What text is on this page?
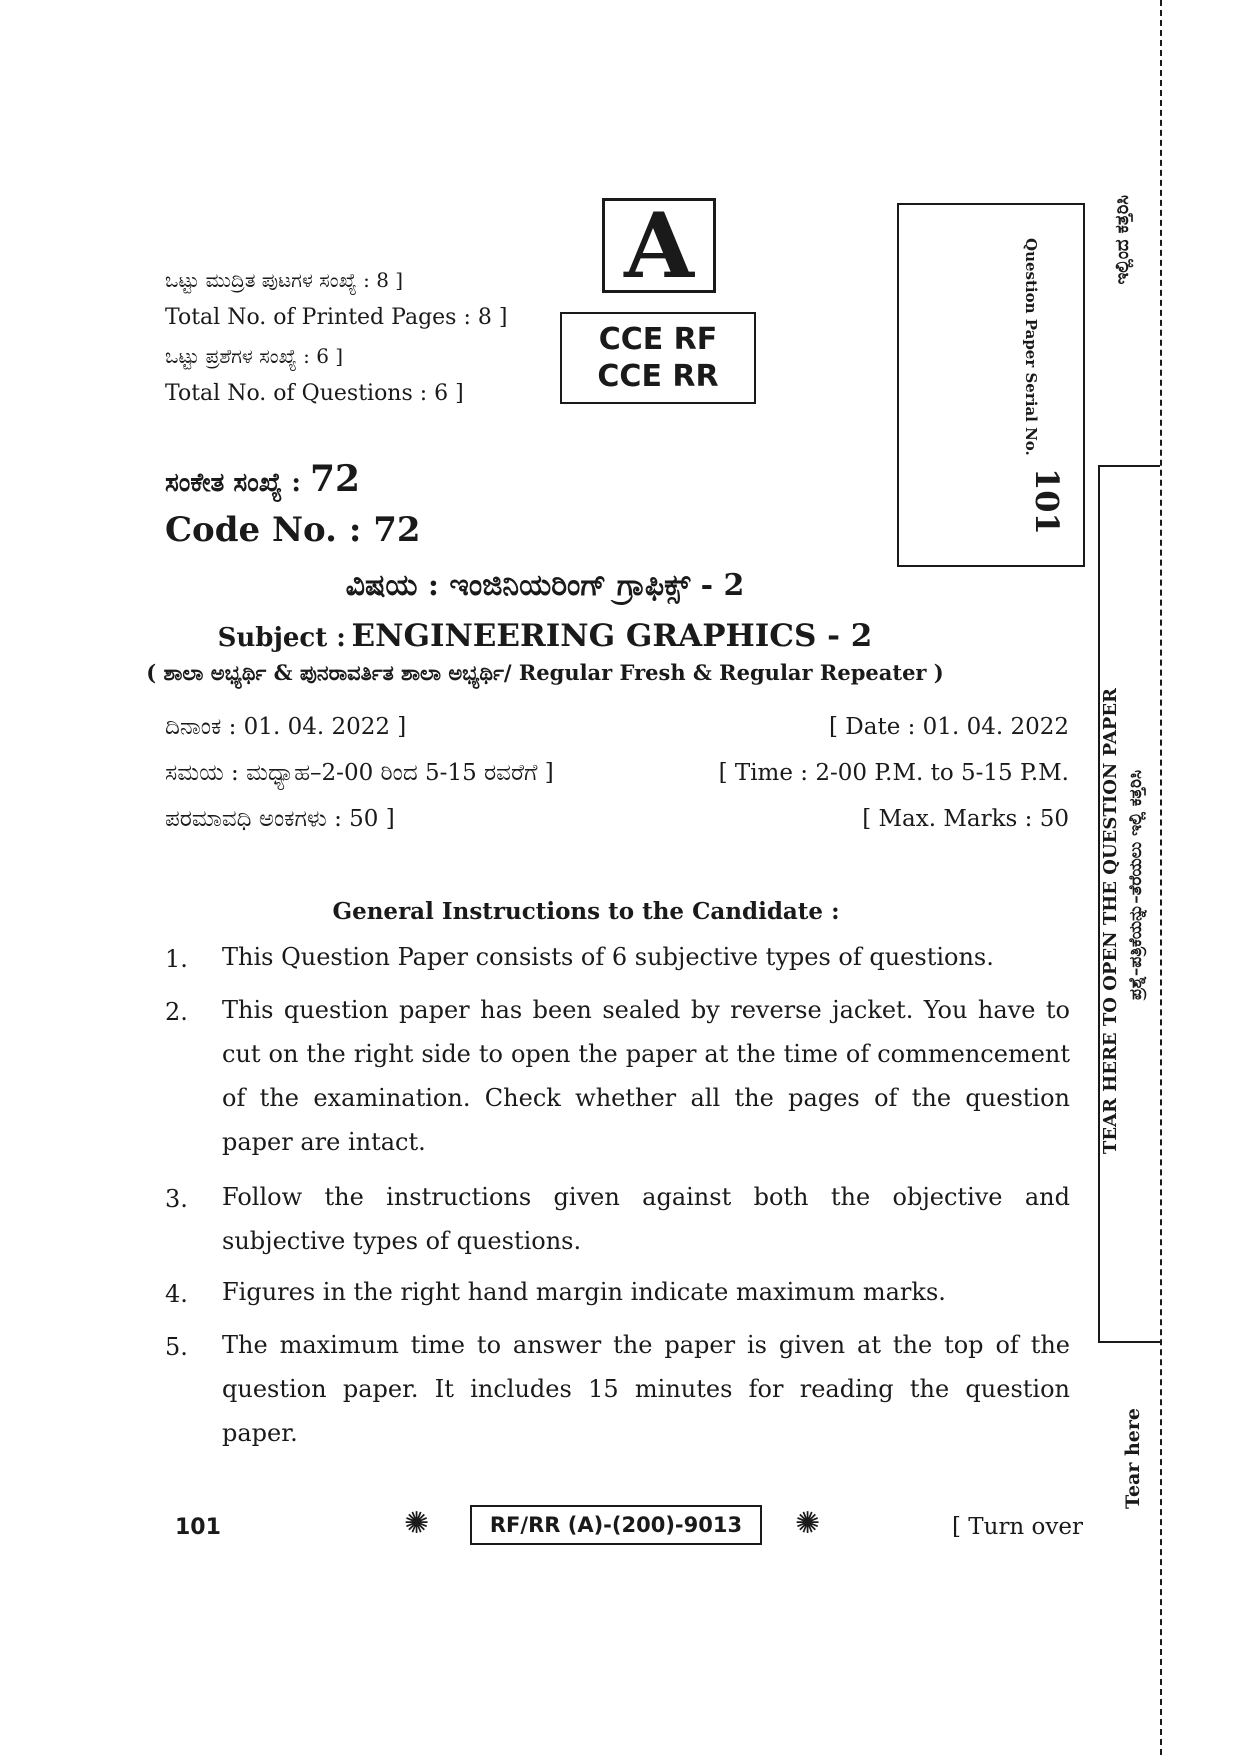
ಒಟ್ಟು ಮುದ್ರಿತ ಪುಟಗಳ ಸಂಖ್ಯೆ : 8 ]
Total No. of Printed Pages : 8 ]
ಒಟ್ಟು ಪ್ರಶೆಗಳ ಸಂಖ್ಯೆ : 6 ]
Total No. of Questions : 6 ]
A
CCE RF
CCE RR	Question Paper Serial No.
101
ಸಂಕೇತ ಸಂಖ್ಯೆ : 72
Code No. : 72
ವಿಷಯ : ಇಂಜಿನಿಯರಿಂಗ್ ಗ್ರಾಫಿಕ್ಸ್ - 2
Subject : ENGINEERING GRAPHICS - 2
( ಶಾಲಾ ಅಭ್ಯರ್ಥಿ & ಪುನರಾವರ್ತಿತ ಶಾಲಾ ಅಭ್ಯರ್ಥಿ/ Regular Fresh & Regular Repeater )
ದಿನಾಂಕ : 01. 04. 2022 ]	[ Date : 01. 04. 2022
ಸಮಯ : ಮಧ್ಯಾಹ–2-00 ರಿಂದ 5-15 ರವರೆಗೆ ]	[ Time : 2-00 P.M. to 5-15 P.M.
ಪರಮಾವಧಿ ಅಂಕಗಳು : 50 ]	[ Max. Marks : 50
General Instructions to the Candidate :
1. This Question Paper consists of 6 subjective types of questions.
2. This question paper has been sealed by reverse jacket. You have to cut on the right side to open the paper at the time of commencement of the examination. Check whether all the pages of the question paper are intact.
3. Follow the instructions given against both the objective and subjective types of questions.
4. Figures in the right hand margin indicate maximum marks.
5. The maximum time to answer the paper is given at the top of the question paper. It includes 15 minutes for reading the question paper.
ಇಲ್ಲಿಂದ ಕತ್ತರಿಸಿ
TEAR HERE TO OPEN THE QUESTION PAPER ಪ್ರಶ್ನೆ–ಪತ್ರಿಕೆಯನ್ನು–ತೆರೆಯಲು ಇಲ್ಲಿ ಕತ್ತರಿಸಿ
Tear here
101	✺	RF/RR (A)-(200)-9013 ✺	[ Turn over
